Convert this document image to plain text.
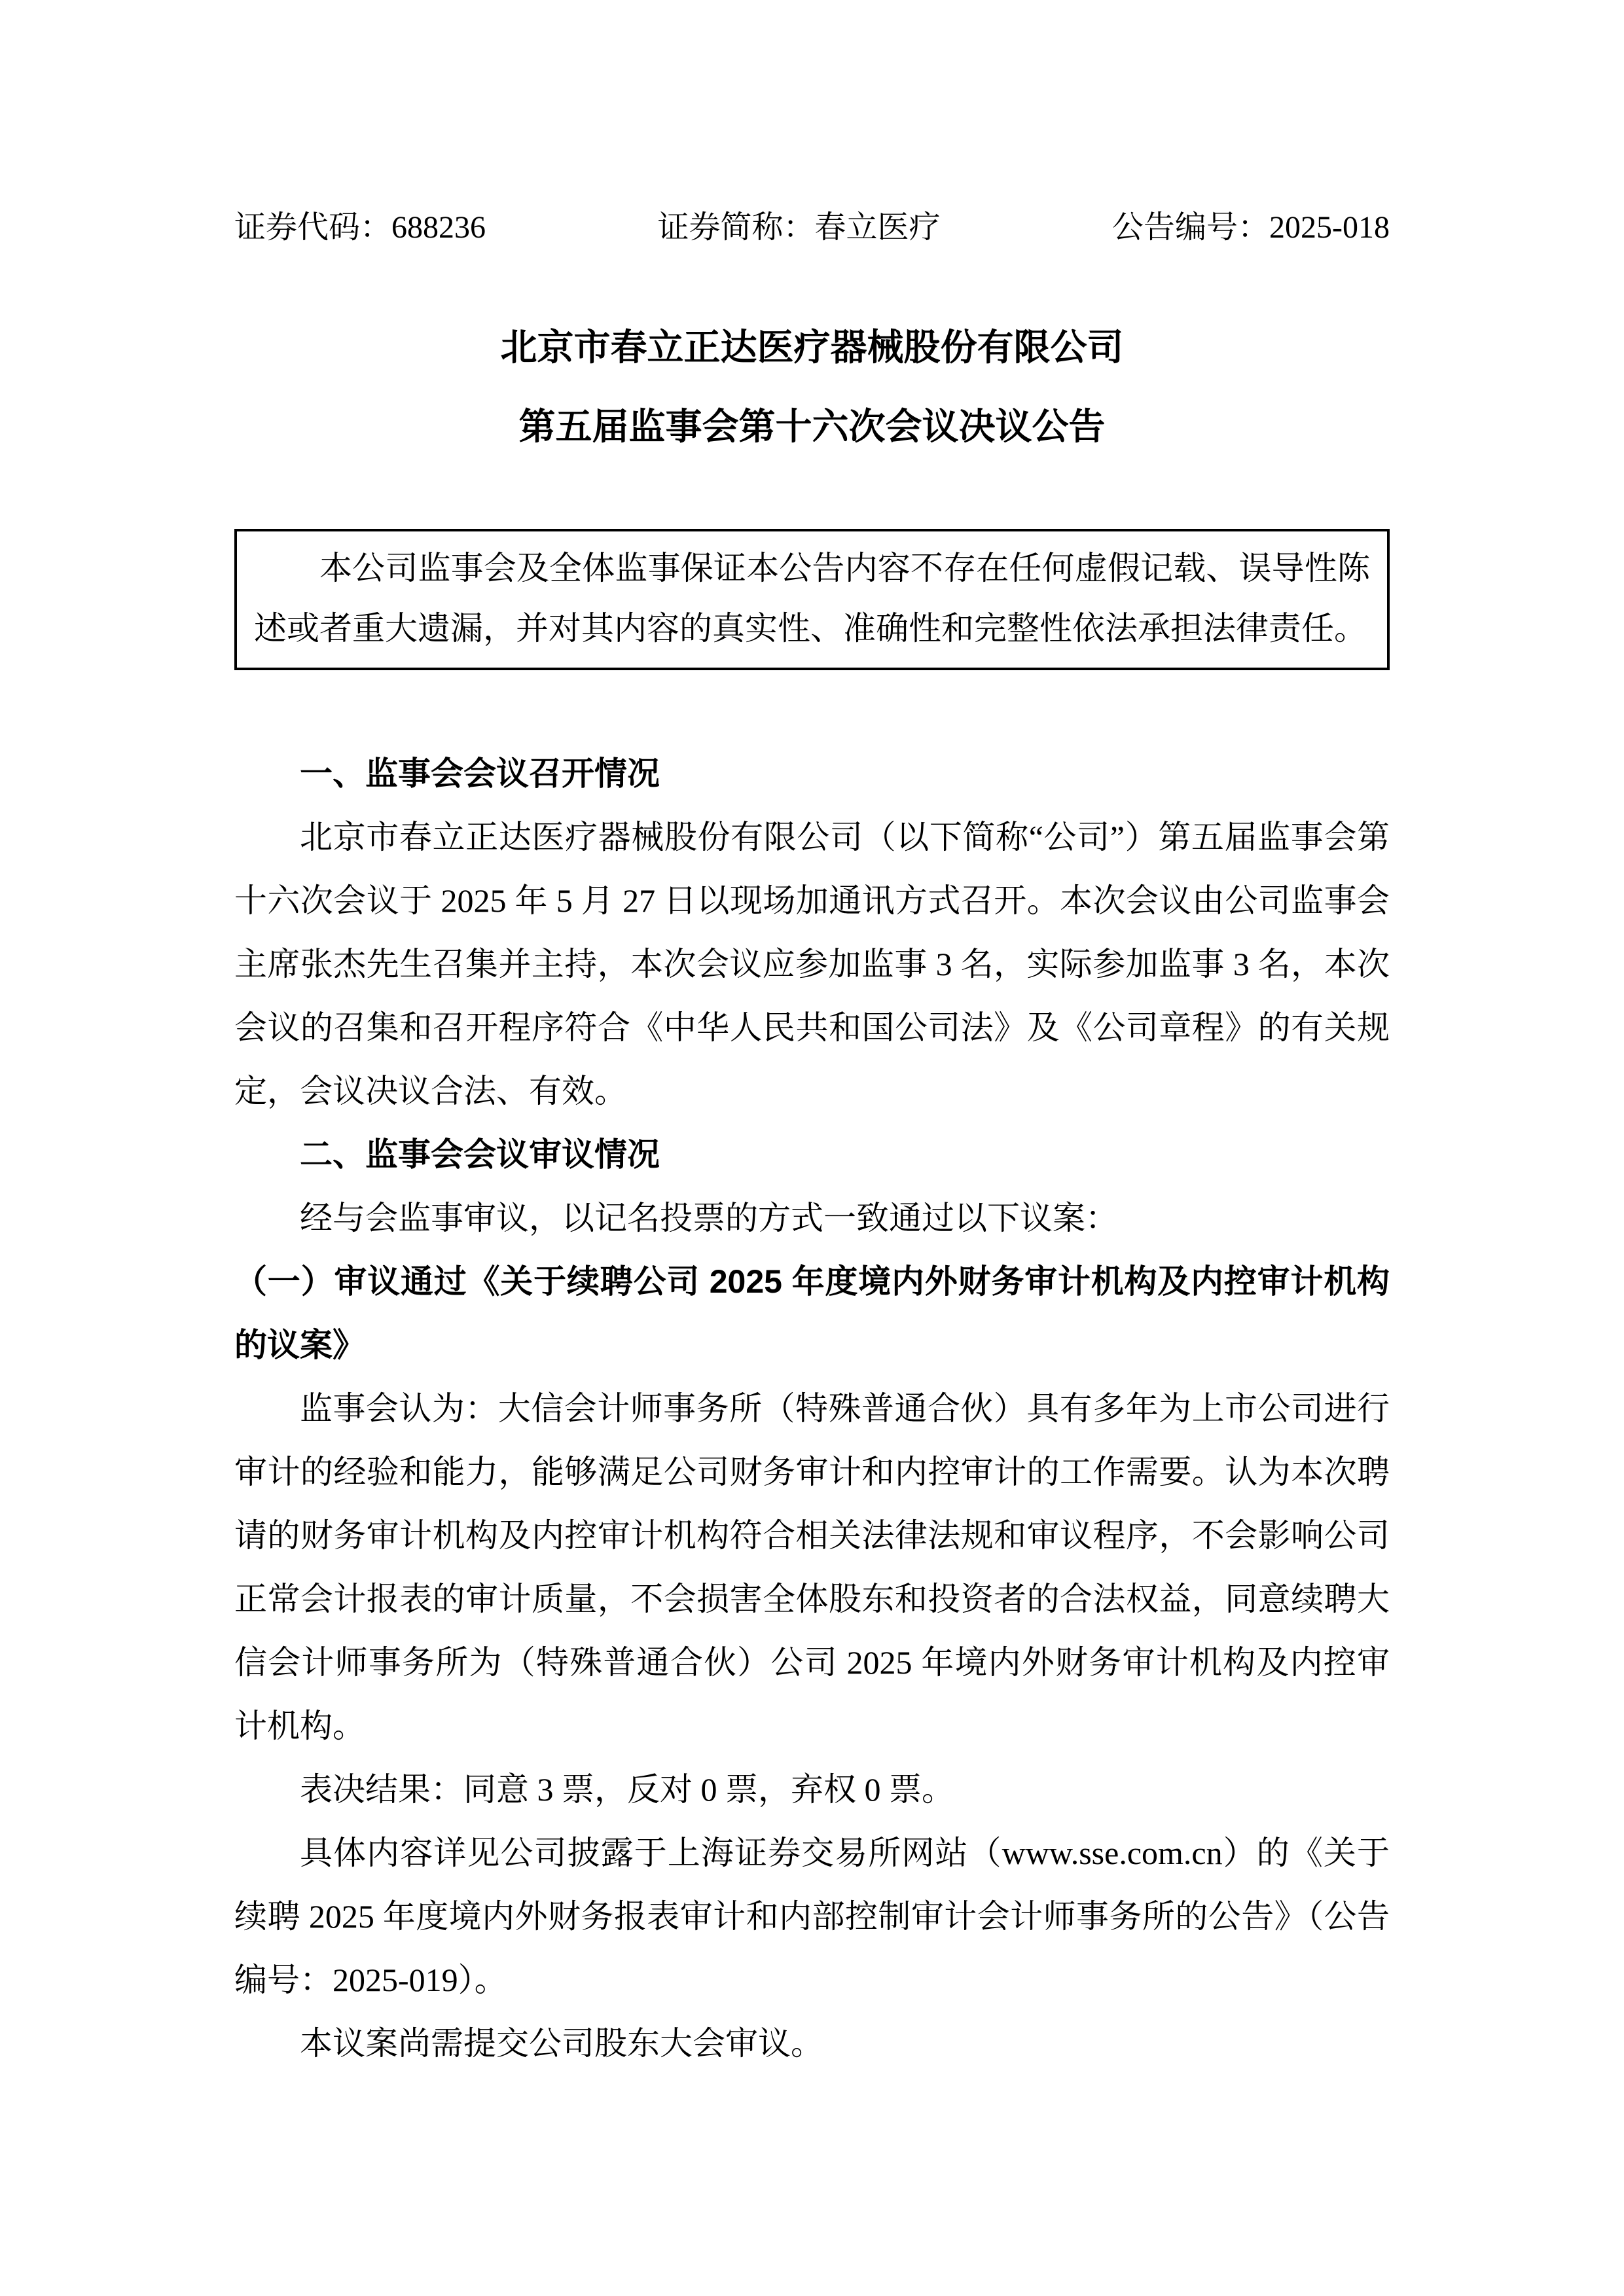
证券代码：688236	证券简称：春立医疗	公告编号：2025-018
北京市春立正达医疗器械股份有限公司
第五届监事会第十六次会议决议公告

本公司监事会及全体监事保证本公告内容不存在任何虚假记载、误导性陈述或者重大遗漏，并对其内容的真实性、准确性和完整性依法承担法律责任。

一、监事会会议召开情况

北京市春立正达医疗器械股份有限公司（以下简称“公司”）第五届监事会第十六次会议于 2025 年 5 月 27 日以现场加通讯方式召开。本次会议由公司监事会主席张杰先生召集并主持，本次会议应参加监事 3 名，实际参加监事 3 名，本次会议的召集和召开程序符合《中华人民共和国公司法》及《公司章程》的有关规定，会议决议合法、有效。

二、监事会会议审议情况

经与会监事审议，以记名投票的方式一致通过以下议案：

（一）审议通过《关于续聘公司 2025 年度境内外财务审计机构及内控审计机构的议案》

监事会认为：大信会计师事务所（特殊普通合伙）具有多年为上市公司进行审计的经验和能力，能够满足公司财务审计和内控审计的工作需要。认为本次聘请的财务审计机构及内控审计机构符合相关法律法规和审议程序，不会影响公司正常会计报表的审计质量，不会损害全体股东和投资者的合法权益，同意续聘大信会计师事务所为（特殊普通合伙）公司 2025 年境内外财务审计机构及内控审计机构。

表决结果：同意 3 票，反对 0 票，弃权 0 票。

具体内容详见公司披露于上海证券交易所网站（www.sse.com.cn）的《关于续聘 2025 年度境内外财务报表审计和内部控制审计会计师事务所的公告》（公告编号：2025-019）。

本议案尚需提交公司股东大会审议。
